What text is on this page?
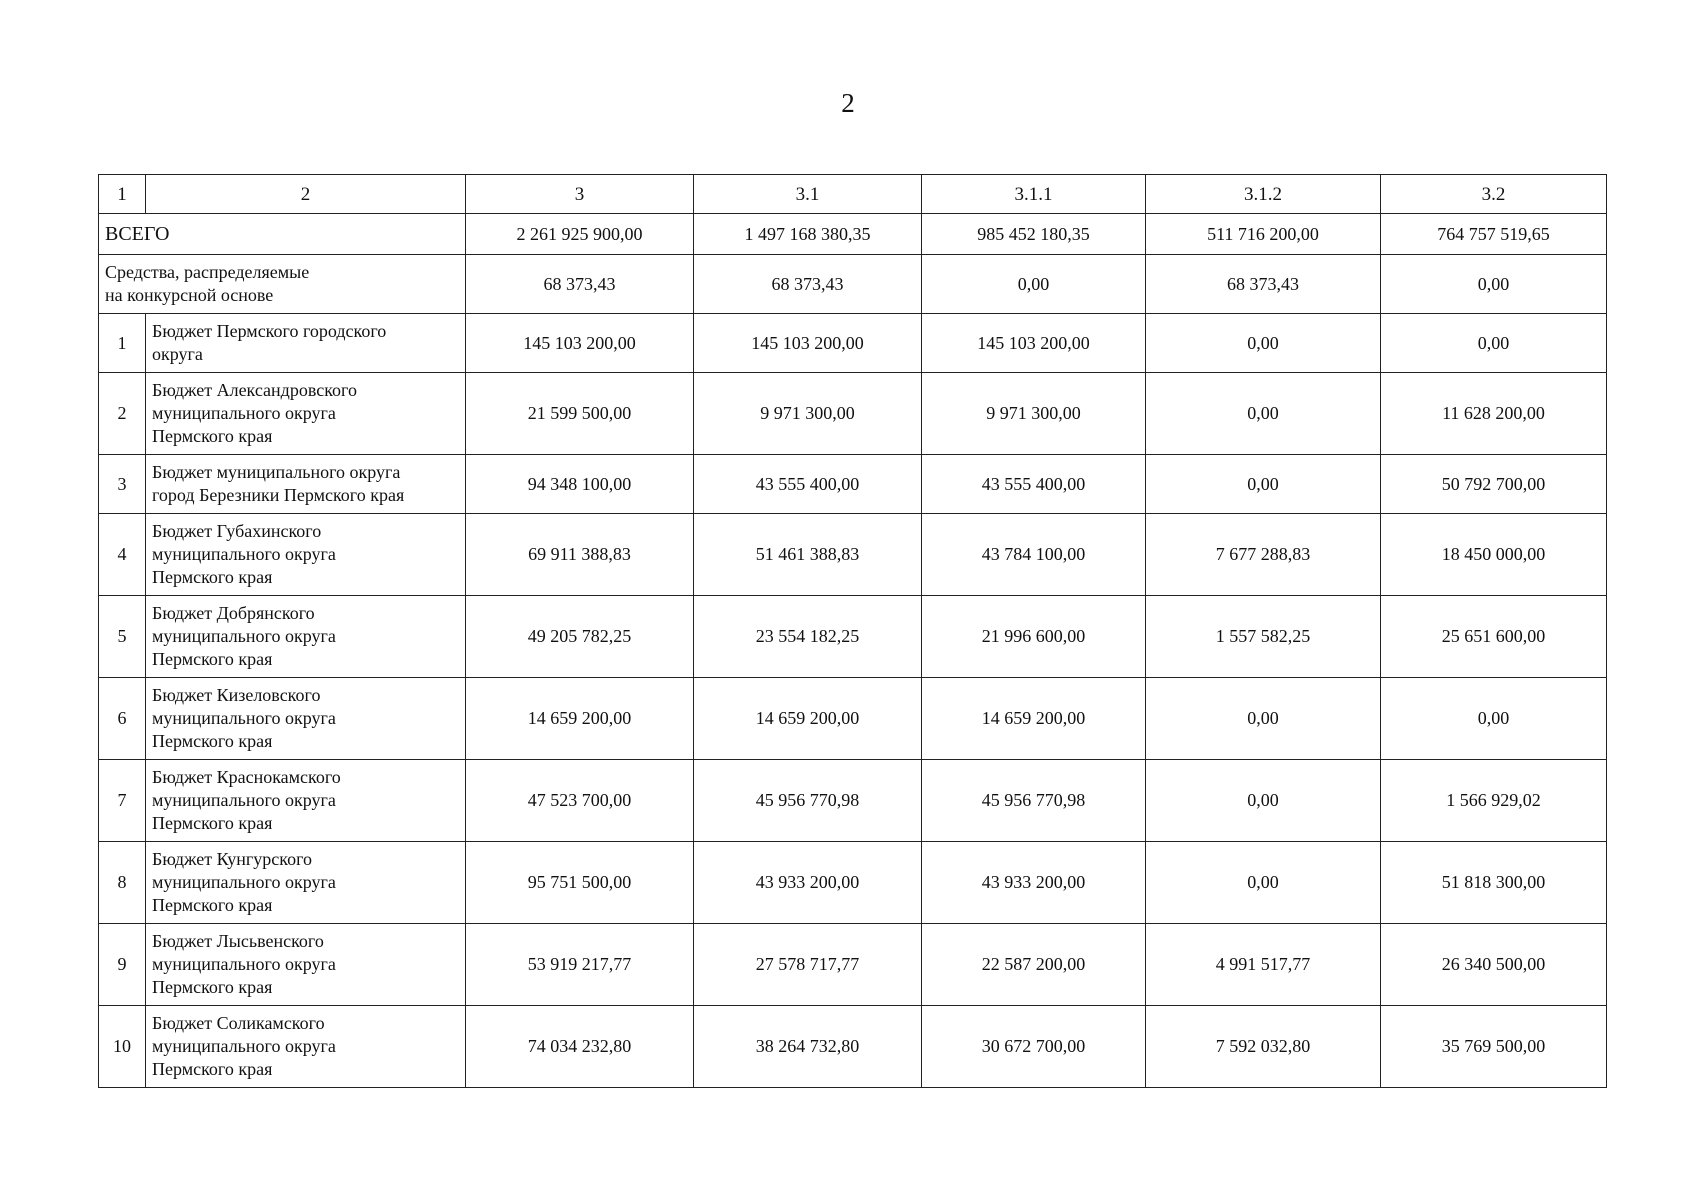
2
1	2	3	3.1	3.1.1	3.1.2	3.2
ВСЕГО		2 261 925 900,00	1 497 168 380,35	985 452 180,35	511 716 200,00	764 757 519,65
Средства, распределяемые
на конкурсной основе		68 373,43	68 373,43	0,00	68 373,43	0,00
1	Бюджет Пермского городского
округа	145 103 200,00	145 103 200,00	145 103 200,00	0,00	0,00
2	Бюджет Александровского
муниципального округа
Пермского края	21 599 500,00	9 971 300,00	9 971 300,00	0,00	11 628 200,00
3	Бюджет муниципального округа
город Березники Пермского края	94 348 100,00	43 555 400,00	43 555 400,00	0,00	50 792 700,00
4	Бюджет Губахинского
муниципального округа
Пермского края	69 911 388,83	51 461 388,83	43 784 100,00	7 677 288,83	18 450 000,00
5	Бюджет Добрянского
муниципального округа
Пермского края	49 205 782,25	23 554 182,25	21 996 600,00	1 557 582,25	25 651 600,00
6	Бюджет Кизеловского
муниципального округа
Пермского края	14 659 200,00	14 659 200,00	14 659 200,00	0,00	0,00
7	Бюджет Краснокамского
муниципального округа
Пермского края	47 523 700,00	45 956 770,98	45 956 770,98	0,00	1 566 929,02
8	Бюджет Кунгурского
муниципального округа
Пермского края	95 751 500,00	43 933 200,00	43 933 200,00	0,00	51 818 300,00
9	Бюджет Лысьвенского
муниципального округа
Пермского края	53 919 217,77	27 578 717,77	22 587 200,00	4 991 517,77	26 340 500,00
10	Бюджет Соликамского
муниципального округа
Пермского края	74 034 232,80	38 264 732,80	30 672 700,00	7 592 032,80	35 769 500,00
